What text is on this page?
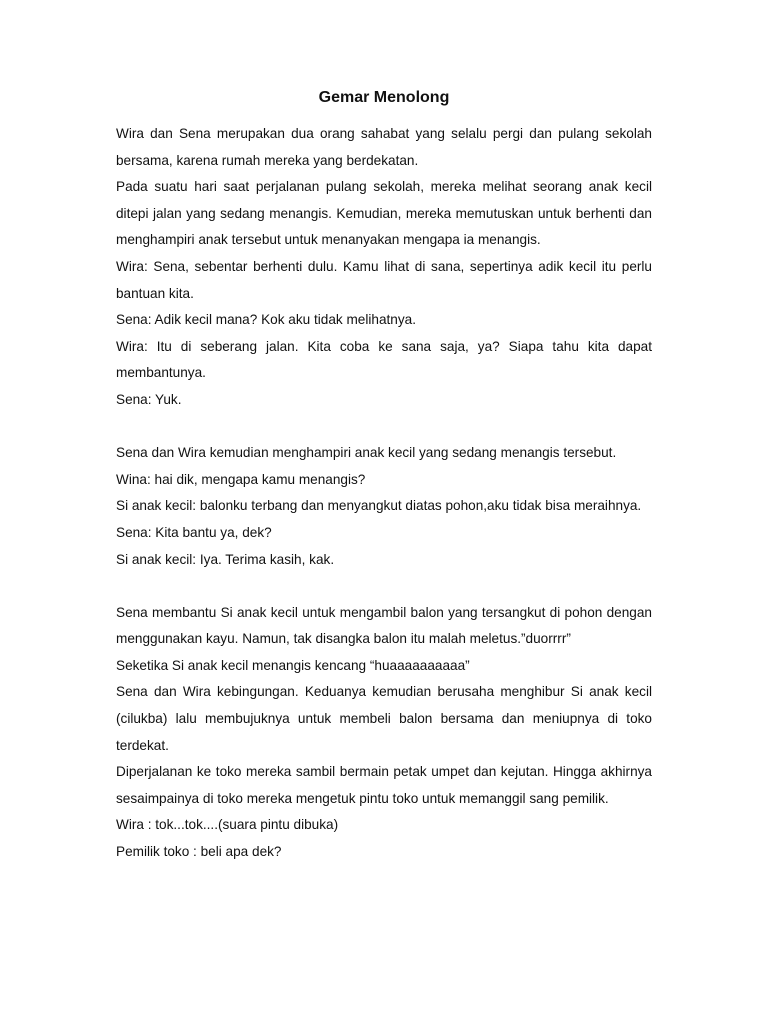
Gemar Menolong

Wira dan Sena merupakan dua orang sahabat yang selalu pergi dan pulang sekolah bersama, karena rumah mereka yang berdekatan.

Pada suatu hari saat perjalanan pulang sekolah, mereka melihat seorang anak kecil ditepi jalan yang sedang menangis. Kemudian, mereka memutuskan untuk berhenti dan menghampiri anak tersebut untuk menanyakan mengapa ia menangis.

Wira: Sena, sebentar berhenti dulu. Kamu lihat di sana, sepertinya adik kecil itu perlu bantuan kita.

Sena: Adik kecil mana? Kok aku tidak melihatnya.

Wira: Itu di seberang jalan. Kita coba ke sana saja, ya? Siapa tahu kita dapat membantunya.

Sena: Yuk.

Sena dan Wira kemudian menghampiri anak kecil yang sedang menangis tersebut.

Wina: hai dik, mengapa kamu menangis?

Si anak kecil: balonku terbang dan menyangkut diatas pohon,aku tidak bisa meraihnya.

Sena: Kita bantu ya, dek?

Si anak kecil: Iya. Terima kasih, kak.

Sena membantu Si anak kecil untuk mengambil balon yang tersangkut di pohon dengan menggunakan kayu. Namun, tak disangka balon itu malah meletus.”duorrrr”

Seketika Si anak kecil menangis kencang “huaaaaaaaaaa”

Sena dan Wira kebingungan. Keduanya kemudian berusaha menghibur Si anak kecil (cilukba) lalu membujuknya untuk membeli balon bersama dan meniupnya di toko terdekat.

Diperjalanan ke toko mereka sambil bermain petak umpet dan kejutan. Hingga akhirnya sesaimpainya di toko mereka mengetuk pintu toko untuk memanggil sang pemilik.

Wira : tok...tok....(suara pintu dibuka)

Pemilik toko : beli apa dek?
